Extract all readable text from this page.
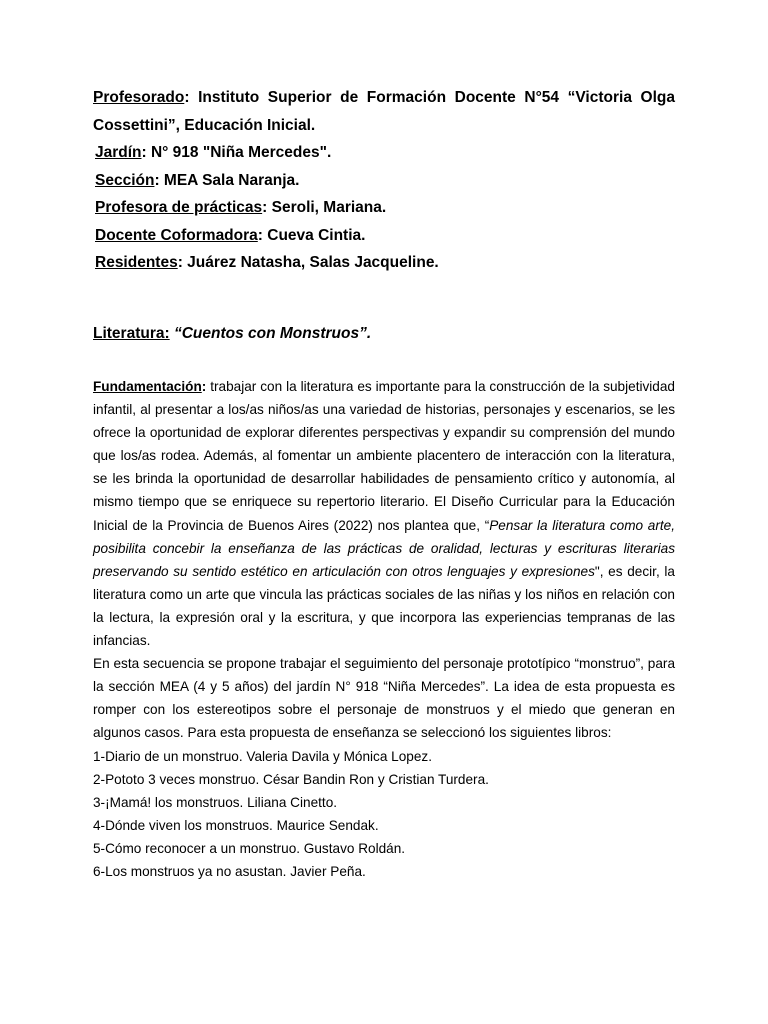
Profesorado: Instituto Superior de Formación Docente N°54 “Victoria Olga Cossettini”, Educación Inicial.

Jardín: N° 918 "Niña Mercedes".

Sección: MEA Sala Naranja.

Profesora de prácticas: Seroli, Mariana.

Docente Coformadora: Cueva Cintia.

Residentes: Juárez Natasha, Salas Jacqueline.

Literatura: “Cuentos con Monstruos”.

Fundamentación: trabajar con la literatura es importante para la construcción de la subjetividad infantil, al presentar a los/as niños/as una variedad de historias, personajes y escenarios, se les ofrece la oportunidad de explorar diferentes perspectivas y expandir su comprensión del mundo que los/as rodea. Además, al fomentar un ambiente placentero de interacción con la literatura, se les brinda la oportunidad de desarrollar habilidades de pensamiento crítico y autonomía, al mismo tiempo que se enriquece su repertorio literario. El Diseño Curricular para la Educación Inicial de la Provincia de Buenos Aires (2022) nos plantea que, “Pensar la literatura como arte, posibilita concebir la enseñanza de las prácticas de oralidad, lecturas y escrituras literarias preservando su sentido estético en articulación con otros lenguajes y expresiones", es decir, la literatura como un arte que vincula las prácticas sociales de las niñas y los niños en relación con la lectura, la expresión oral y la escritura, y que incorpora las experiencias tempranas de las infancias.

En esta secuencia se propone trabajar el seguimiento del personaje prototípico “monstruo”, para la sección MEA (4 y 5 años) del jardín N° 918 “Niña Mercedes”. La idea de esta propuesta es romper con los estereotipos sobre el personaje de monstruos y el miedo que generan en algunos casos. Para esta propuesta de enseñanza se seleccionó los siguientes libros:

1-Diario de un monstruo. Valeria Davila y Mónica Lopez.
2-Pototo 3 veces monstruo. César Bandin Ron y Cristian Turdera.
3-¡Mamá! los monstruos. Liliana Cinetto.
4-Dónde viven los monstruos. Maurice Sendak.
5-Cómo reconocer a un monstruo. Gustavo Roldán.
6-Los monstruos ya no asustan. Javier Peña.
